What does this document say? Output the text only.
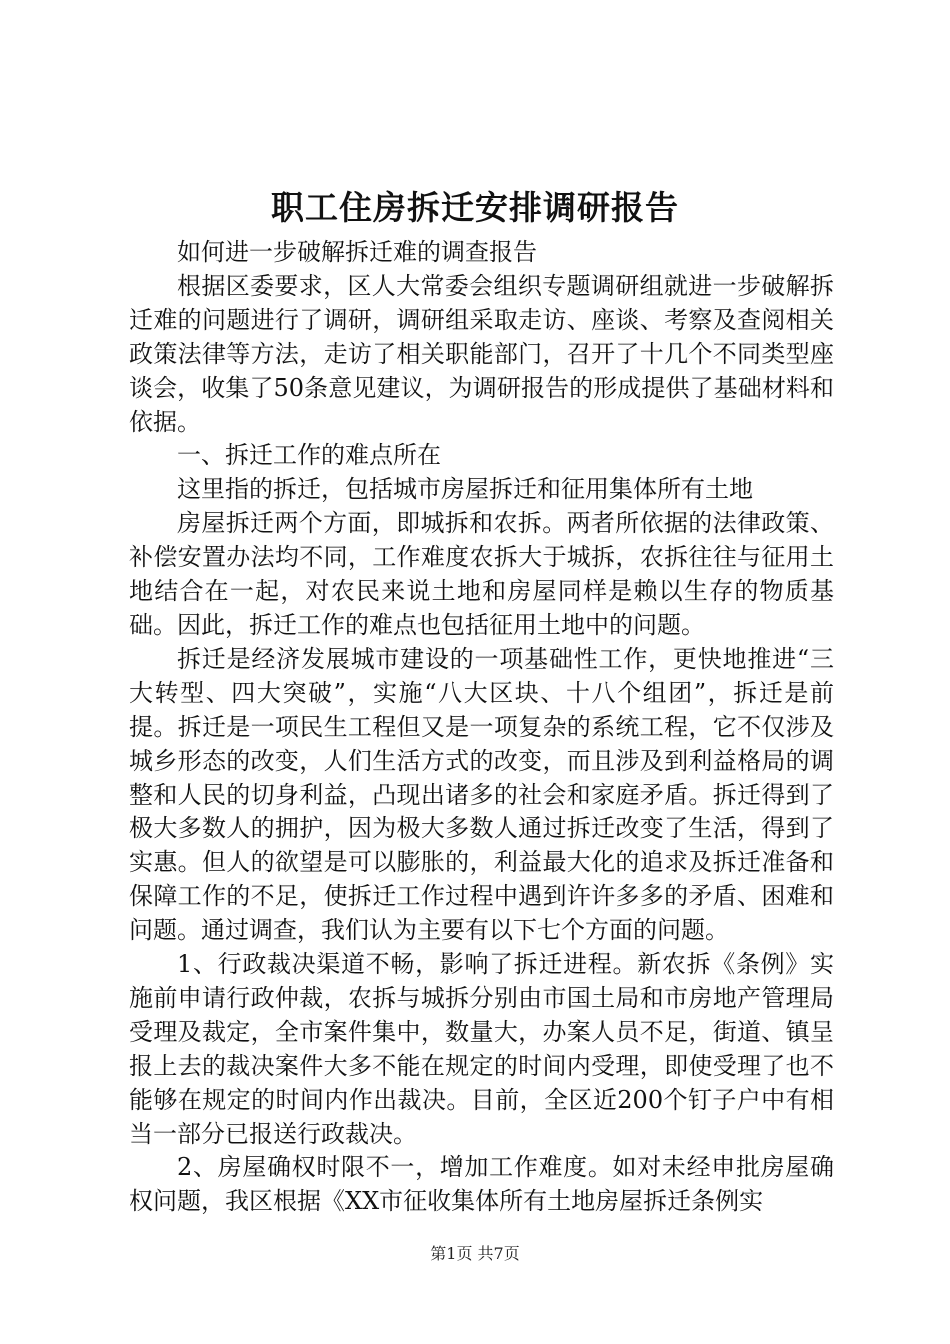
职工住房拆迁安排调研报告

如何进一步破解拆迁难的调查报告

根据区委要求，区人大常委会组织专题调研组就进一步破解拆迁难的问题进行了调研，调研组采取走访、座谈、考察及查阅相关政策法律等方法，走访了相关职能部门，召开了十几个不同类型座谈会，收集了50条意见建议，为调研报告的形成提供了基础材料和依据。

一、拆迁工作的难点所在

这里指的拆迁，包括城市房屋拆迁和征用集体所有土地

房屋拆迁两个方面，即城拆和农拆。两者所依据的法律政策、补偿安置办法均不同，工作难度农拆大于城拆，农拆往往与征用土地结合在一起，对农民来说土地和房屋同样是赖以生存的物质基础。因此，拆迁工作的难点也包括征用土地中的问题。

拆迁是经济发展城市建设的一项基础性工作，更快地推进“三大转型、四大突破”，实施“八大区块、十八个组团”，拆迁是前提。拆迁是一项民生工程但又是一项复杂的系统工程，它不仅涉及城乡形态的改变，人们生活方式的改变，而且涉及到利益格局的调整和人民的切身利益，凸现出诸多的社会和家庭矛盾。拆迁得到了极大多数人的拥护，因为极大多数人通过拆迁改变了生活，得到了实惠。但人的欲望是可以膨胀的，利益最大化的追求及拆迁准备和保障工作的不足，使拆迁工作过程中遇到许许多多的矛盾、困难和问题。通过调查，我们认为主要有以下七个方面的问题。

1、行政裁决渠道不畅，影响了拆迁进程。新农拆《条例》实施前申请行政仲裁，农拆与城拆分别由市国土局和市房地产管理局受理及裁定，全市案件集中，数量大，办案人员不足，街道、镇呈报上去的裁决案件大多不能在规定的时间内受理，即使受理了也不能够在规定的时间内作出裁决。目前，全区近200个钉子户中有相当一部分已报送行政裁决。

2、房屋确权时限不一，增加工作难度。如对未经申批房屋确权问题，我区根据《XX市征收集体所有土地房屋拆迁条例实

第1页 共7页
